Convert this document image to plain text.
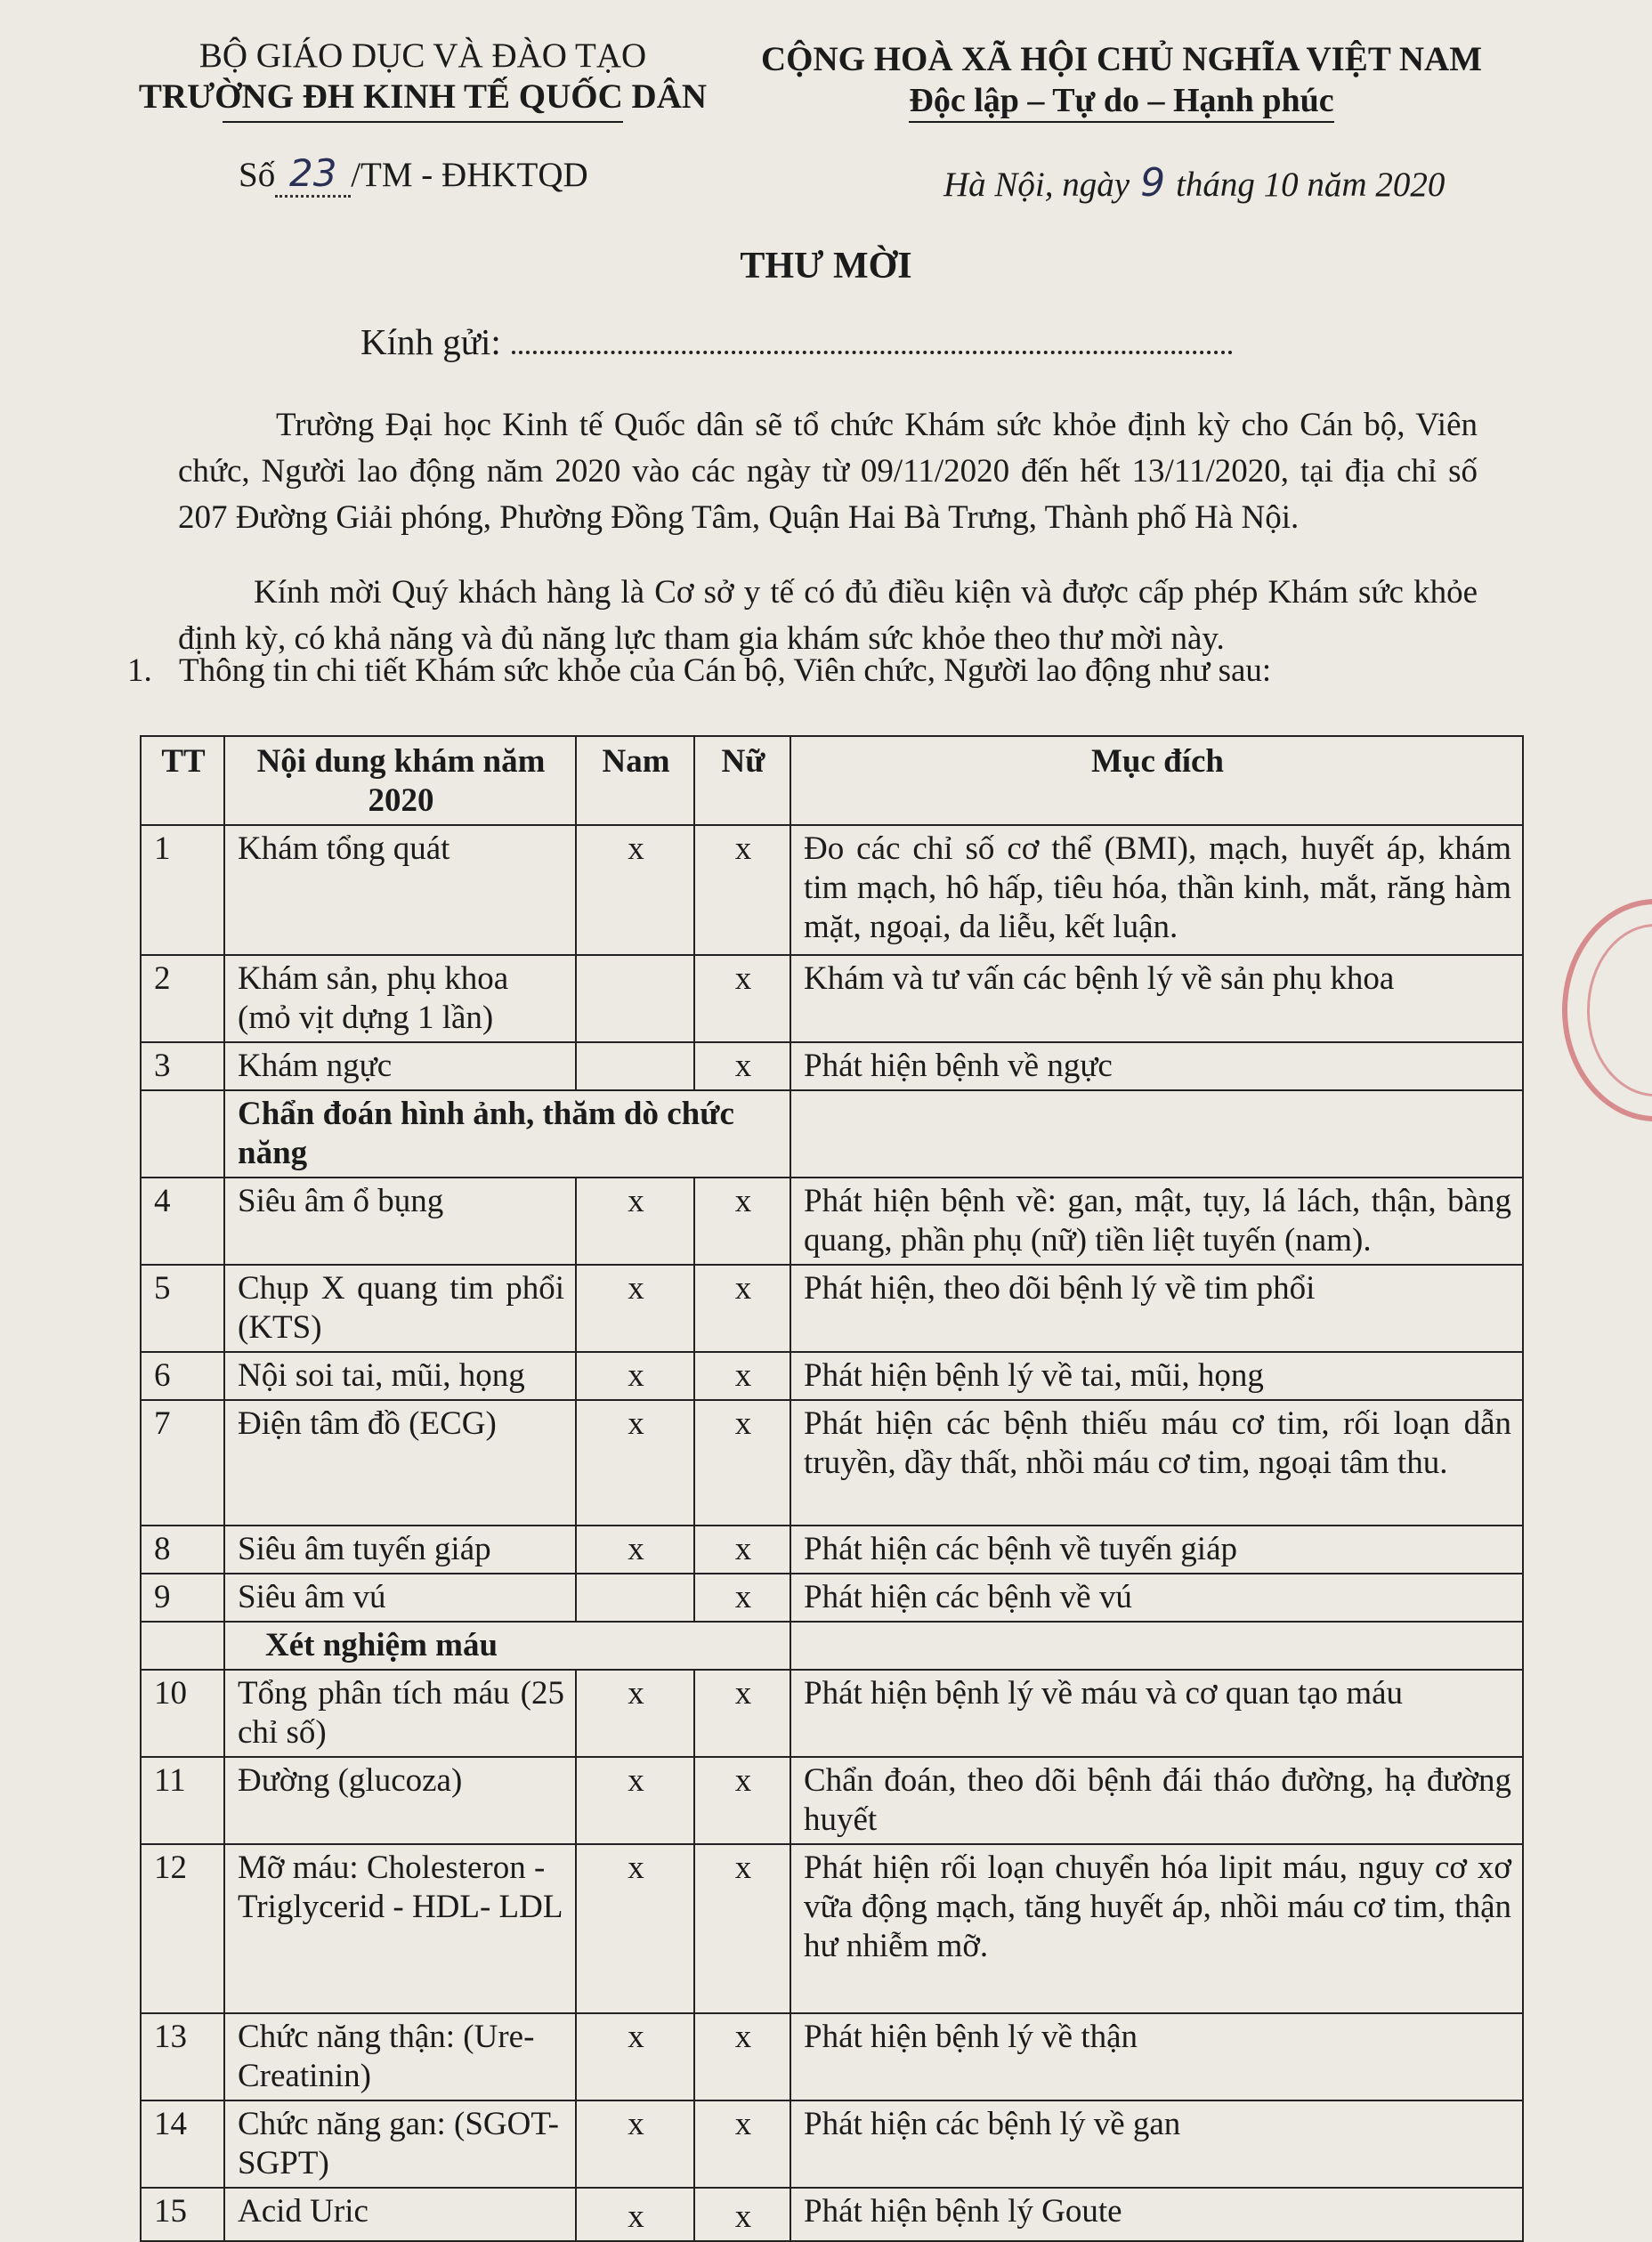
BỘ GIÁO DỤC VÀ ĐÀO TẠO
TRƯỜNG ĐH KINH TẾ QUỐC DÂN
CỘNG HOÀ XÃ HỘI CHỦ NGHĨA VIỆT NAM
Độc lập – Tự do – Hạnh phúc
Số 23 /TM - ĐHKTQD	Hà Nội, ngày 9 tháng 10 năm 2020
THƯ MỜI
Kính gửi:
Trường Đại học Kinh tế Quốc dân sẽ tổ chức Khám sức khỏe định kỳ cho Cán bộ, Viên chức, Người lao động năm 2020 vào các ngày từ 09/11/2020 đến hết 13/11/2020, tại địa chỉ số 207 Đường Giải phóng, Phường Đồng Tâm, Quận Hai Bà Trưng, Thành phố Hà Nội.
Kính mời Quý khách hàng là Cơ sở y tế có đủ điều kiện và được cấp phép Khám sức khỏe định kỳ, có khả năng và đủ năng lực tham gia khám sức khỏe theo thư mời này.
1. Thông tin chi tiết Khám sức khỏe của Cán bộ, Viên chức, Người lao động như sau:
TT	Nội dung khám năm 2020	Nam	Nữ	Mục đích
1	Khám tổng quát	x	x	Đo các chỉ số cơ thể (BMI), mạch, huyết áp, khám tim mạch, hô hấp, tiêu hóa, thần kinh, mắt, răng hàm mặt, ngoại, da liễu, kết luận.
2	Khám sản, phụ khoa (mỏ vịt dựng 1 lần)		x	Khám và tư vấn các bệnh lý về sản phụ khoa
3	Khám ngực		x	Phát hiện bệnh về ngực
	Chẩn đoán hình ảnh, thăm dò chức năng			
4	Siêu âm ổ bụng	x	x	Phát hiện bệnh về: gan, mật, tụy, lá lách, thận, bàng quang, phần phụ (nữ) tiền liệt tuyến (nam).
5	Chụp X quang tim phổi (KTS)	x	x	Phát hiện, theo dõi bệnh lý về tim phổi
6	Nội soi tai, mũi, họng	x	x	Phát hiện bệnh lý về tai, mũi, họng
7	Điện tâm đồ (ECG)	x	x	Phát hiện các bệnh thiếu máu cơ tim, rối loạn dẫn truyền, dầy thất, nhồi máu cơ tim, ngoại tâm thu.
8	Siêu âm tuyến giáp	x	x	Phát hiện các bệnh về tuyến giáp
9	Siêu âm vú		x	Phát hiện các bệnh về vú
	Xét nghiệm máu			
10	Tổng phân tích máu (25 chỉ số)	x	x	Phát hiện bệnh lý về máu và cơ quan tạo máu
11	Đường (glucoza)	x	x	Chẩn đoán, theo dõi bệnh đái tháo đường, hạ đường huyết
12	Mỡ máu: Cholesteron - Triglycerid - HDL- LDL	x	x	Phát hiện rối loạn chuyển hóa lipit máu, nguy cơ xơ vữa động mạch, tăng huyết áp, nhồi máu cơ tim, thận hư nhiễm mỡ.
13	Chức năng thận: (Ure- Creatinin)	x	x	Phát hiện bệnh lý về thận
14	Chức năng gan: (SGOT- SGPT)	x	x	Phát hiện các bệnh lý về gan
15	Acid Uric	x	x	Phát hiện bệnh lý Goute
